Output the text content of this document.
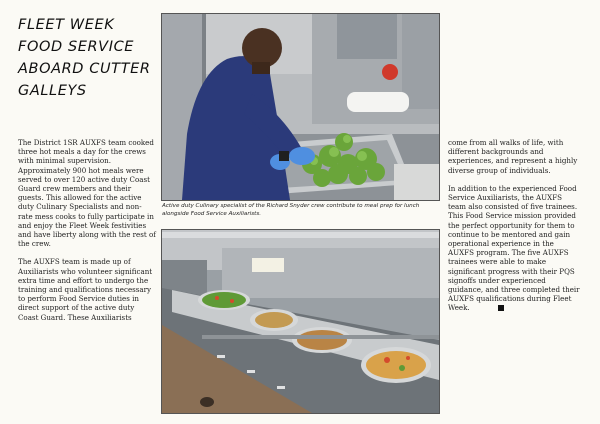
FLEET WEEK
FOOD SERVICE
ABOARD CUTTER
GALLEYS

The District 1SR AUXFS team cooked three hot meals a day for the crews with minimal supervision. Approximately 900 hot meals were served to over 120 active duty Coast Guard crew members and their guests. This allowed for the active duty Culinary Specialists and non-rate mess cooks to fully participate in and enjoy the Fleet Week festivities and have liberty along with the rest of the crew.

The AUXFS team is made up of Auxiliarists who volunteer significant extra time and effort to undergo the training and qualifications necessary to perform Food Service duties in direct support of the active duty Coast Guard. These Auxiliarists

Active duty Culinary specialist of the Richard Snyder crew contribute to meal prep for lunch alongside Food Service Auxiliarists.

come from all walks of life, with different backgrounds and experiences, and represent a highly diverse group of individuals.

In addition to the experienced Food Service Auxiliarists, the AUXFS team also consisted of five trainees. This Food Service mission provided the perfect opportunity for them to continue to be mentored and gain operational experience in the AUXFS program. The five AUXFS trainees were able to make significant progress with their PQS signoffs under experienced guidance, and three completed their AUXFS qualifications during Fleet Week.
